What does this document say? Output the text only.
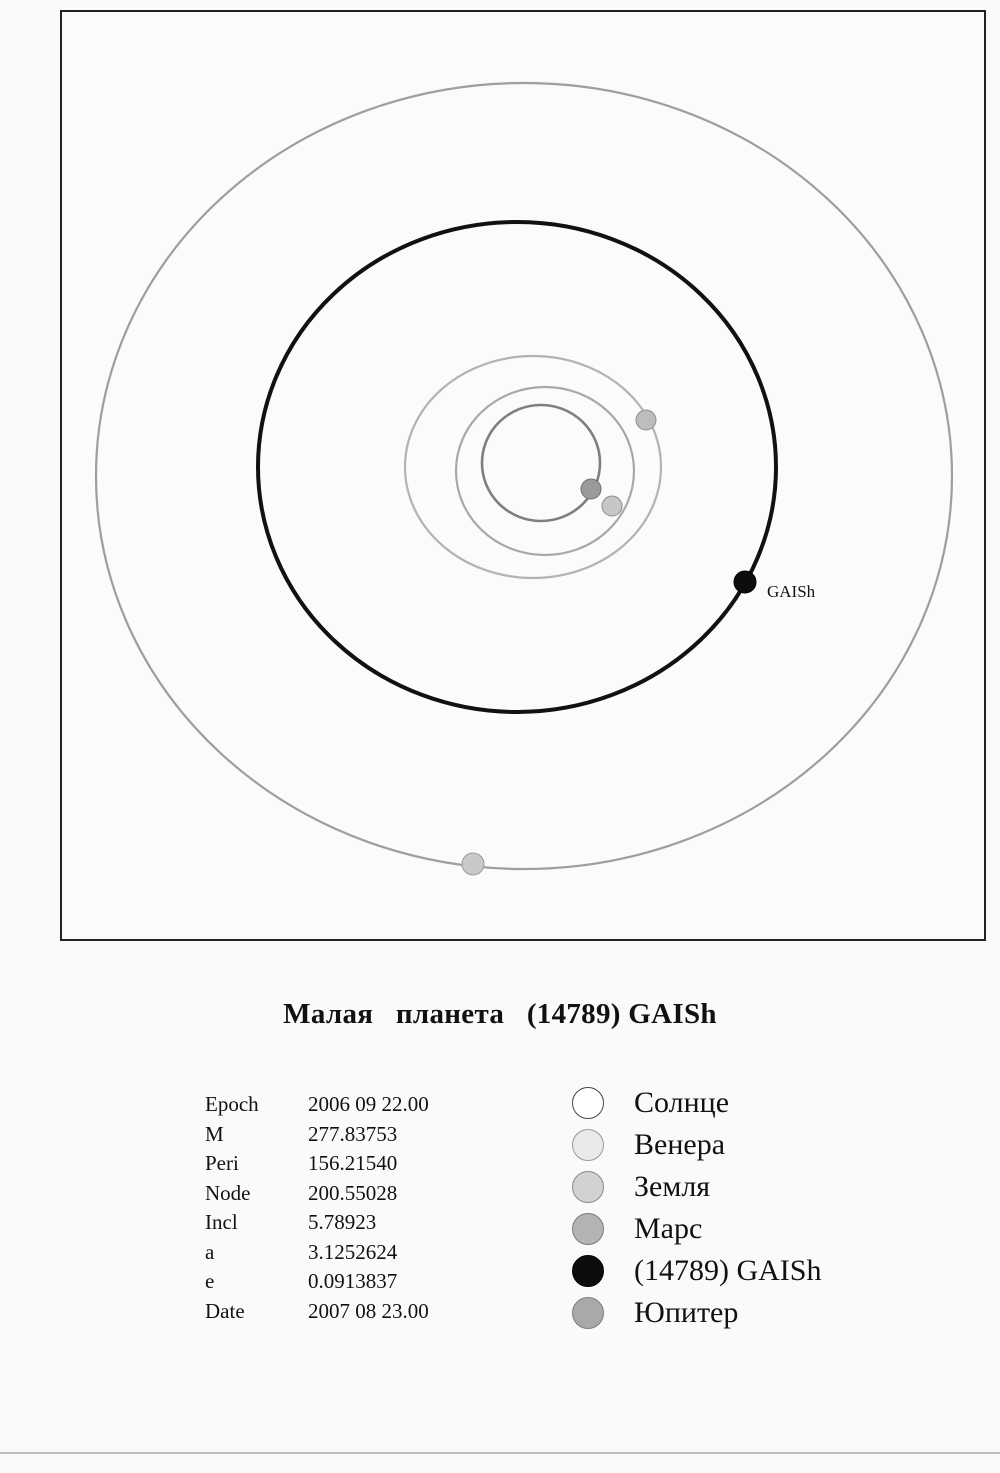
GAISh
Малая   планета   (14789) GAISh
Epoch	2006 09 22.00
M	277.83753
Peri	156.21540
Node	200.55028
Incl	5.78923
a	3.1252624
e	0.0913837
Date	2007 08 23.00
Солнце
Венера
Земля
Марс
(14789) GAISh
Юпитер
